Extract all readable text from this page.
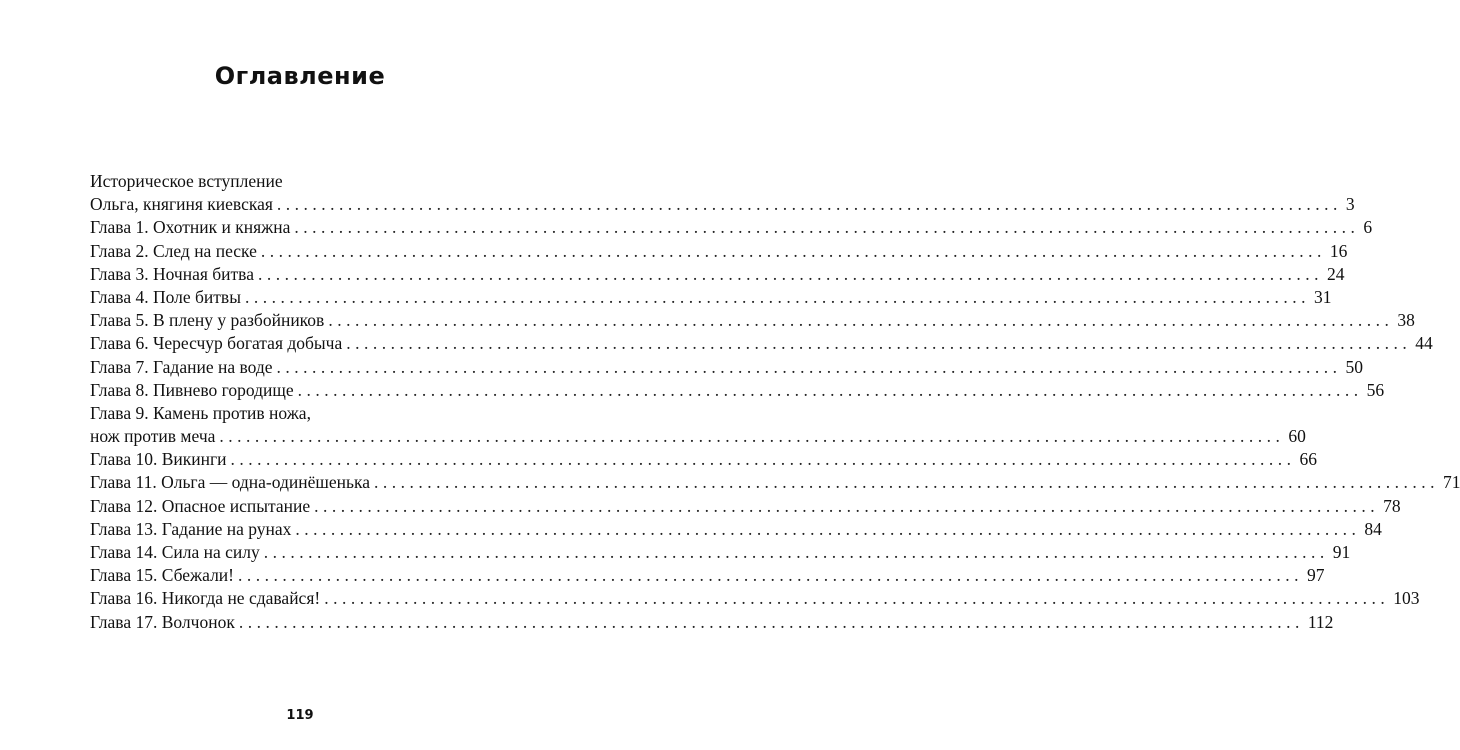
Оглавление
Историческое вступление
Ольга, княгиня киевская ........................................................................................................................ 3
Глава 1. Охотник и княжна ........................................................................................................................ 6
Глава 2. След на песке ........................................................................................................................ 16
Глава 3. Ночная битва ........................................................................................................................ 24
Глава 4. Поле битвы ........................................................................................................................ 31
Глава 5. В плену у разбойников ........................................................................................................................ 38
Глава 6. Чересчур богатая добыча ........................................................................................................................ 44
Глава 7. Гадание на воде ........................................................................................................................ 50
Глава 8. Пивнево городище ........................................................................................................................ 56
Глава 9. Камень против ножа,
нож против меча ........................................................................................................................ 60
Глава 10. Викинги ........................................................................................................................ 66
Глава 11. Ольга — одна-одинёшенька ........................................................................................................................ 71
Глава 12. Опасное испытание ........................................................................................................................ 78
Глава 13. Гадание на рунах ........................................................................................................................ 84
Глава 14. Сила на силу ........................................................................................................................ 91
Глава 15. Сбежали! ........................................................................................................................ 97
Глава 16. Никогда не сдавайся! ........................................................................................................................ 103
Глава 17. Волчонок ........................................................................................................................ 112
119
